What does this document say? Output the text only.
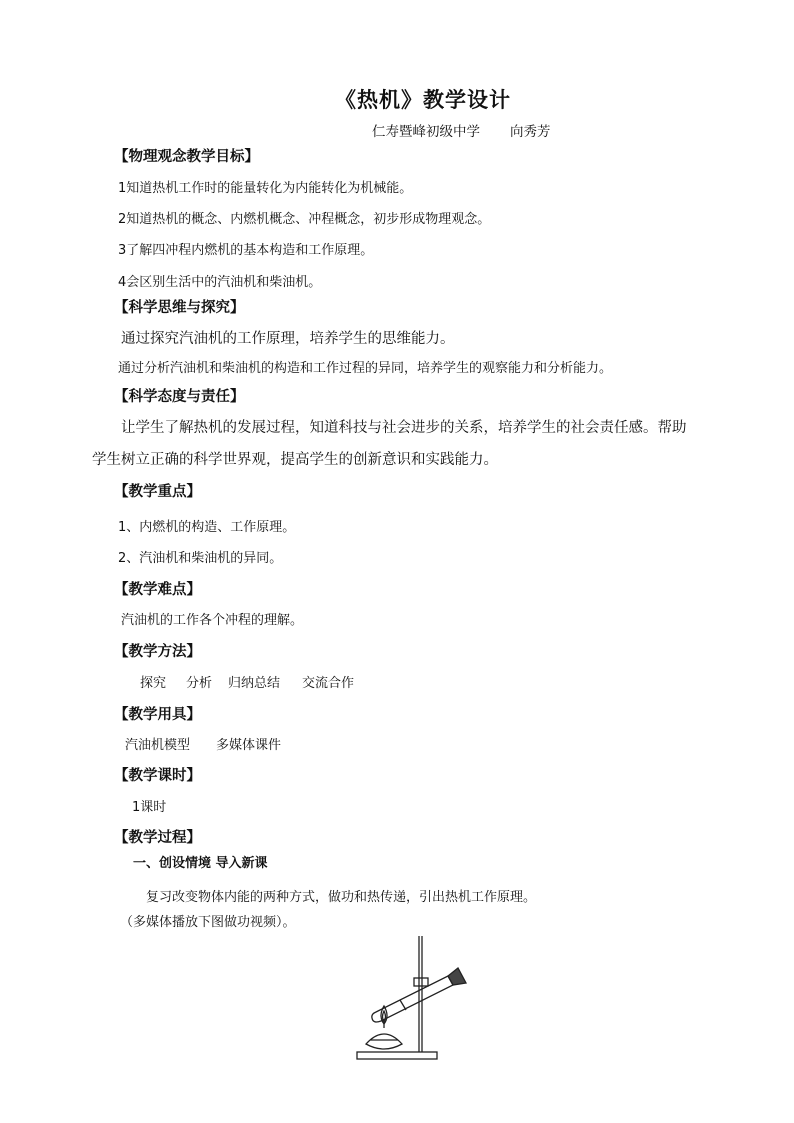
《热机》教学设计
仁寿暨峰初级中学 向秀芳
【物理观念教学目标】
1知道热机工作时的能量转化为内能转化为机械能。
2知道热机的概念、内燃机概念、冲程概念，初步形成物理观念。
3了解四冲程内燃机的基本构造和工作原理。
4会区别生活中的汽油机和柴油机。
【科学思维与探究】
通过探究汽油机的工作原理，培养学生的思维能力。
通过分析汽油机和柴油机的构造和工作过程的异同，培养学生的观察能力和分析能力。
【科学态度与责任】
让学生了解热机的发展过程，知道科技与社会进步的关系，培养学生的社会责任感。帮助
学生树立正确的科学世界观，提高学生的创新意识和实践能力。
【教学重点】
1、内燃机的构造、工作原理。
2、汽油机和柴油机的异同。
【教学难点】
汽油机的工作各个冲程的理解。
【教学方法】
探究 分析 归纳总结 交流合作
【教学用具】
汽油机模型 多媒体课件
【教学课时】
1课时
【教学过程】
一、创设情境 导入新课
复习改变物体内能的两种方式，做功和热传递，引出热机工作原理。
（多媒体播放下图做功视频）。
